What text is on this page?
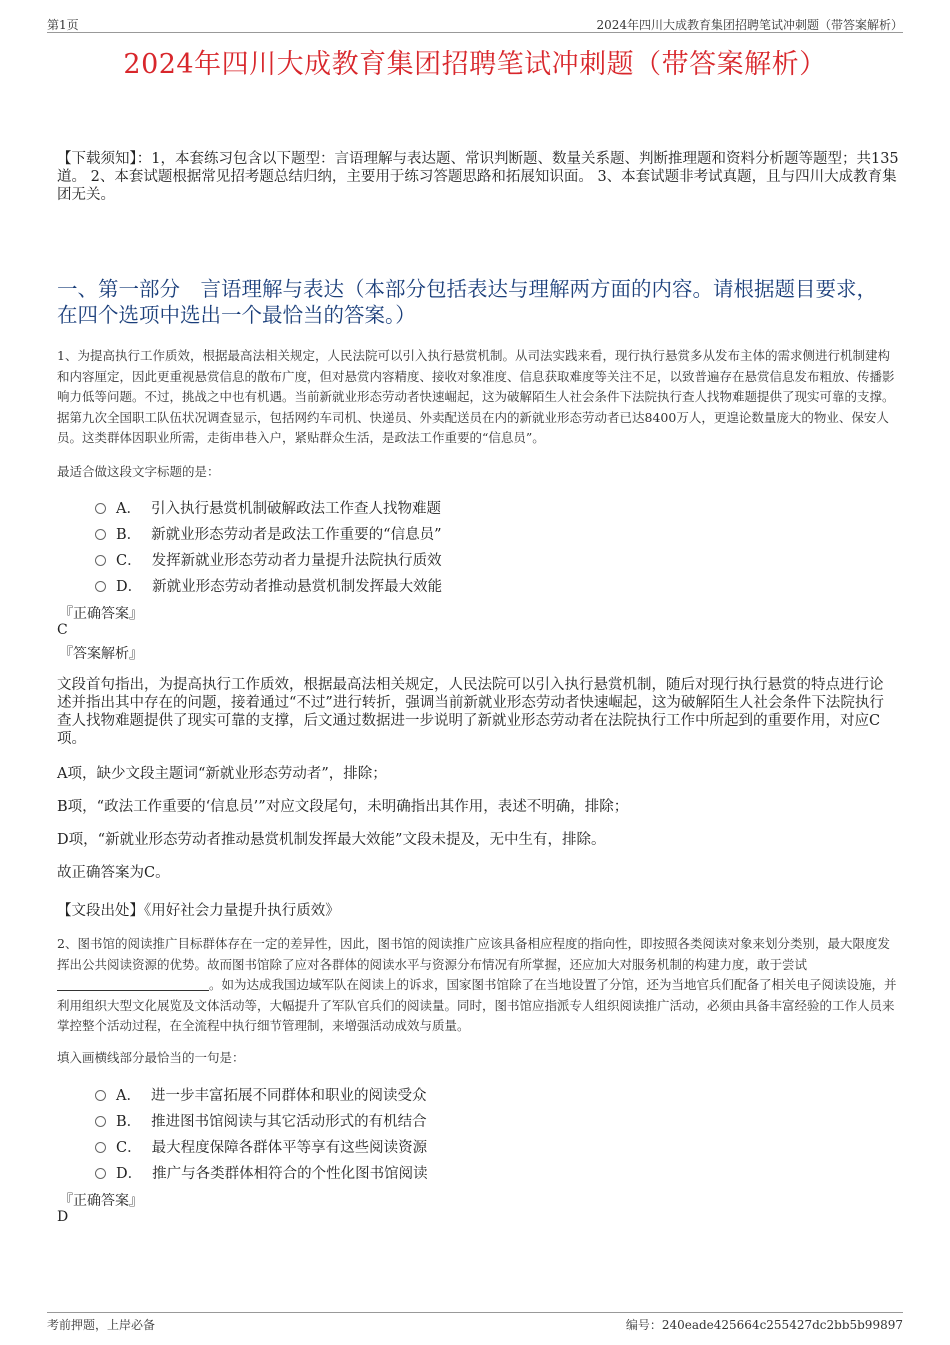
第1页	2024年四川大成教育集团招聘笔试冲刺题（带答案解析）
2024年四川大成教育集团招聘笔试冲刺题（带答案解析）
【下载须知】：1，本套练习包含以下题型：言语理解与表达题、常识判断题、数量关系题、判断推理题和资料分析题等题型；共135道。 2、本套试题根据常见招考题总结归纳，主要用于练习答题思路和拓展知识面。 3、本套试题非考试真题，且与四川大成教育集团无关。
一、第一部分　言语理解与表达（本部分包括表达与理解两方面的内容。请根据题目要求，在四个选项中选出一个最恰当的答案。）
1、为提高执行工作质效，根据最高法相关规定，人民法院可以引入执行悬赏机制。从司法实践来看，现行执行悬赏多从发布主体的需求侧进行机制建构和内容厘定，因此更重视悬赏信息的散布广度，但对悬赏内容精度、接收对象准度、信息获取难度等关注不足，以致普遍存在悬赏信息发布粗放、传播影响力低等问题。不过，挑战之中也有机遇。当前新就业形态劳动者快速崛起，这为破解陌生人社会条件下法院执行查人找物难题提供了现实可靠的支撑。据第九次全国职工队伍状况调查显示，包括网约车司机、快递员、外卖配送员在内的新就业形态劳动者已达8400万人，更遑论数量庞大的物业、保安人员。这类群体因职业所需，走街串巷入户，紧贴群众生活，是政法工作重要的“信息员”。
最适合做这段文字标题的是：
A． 引入执行悬赏机制破解政法工作查人找物难题
B． 新就业形态劳动者是政法工作重要的“信息员”
C． 发挥新就业形态劳动者力量提升法院执行质效
D． 新就业形态劳动者推动悬赏机制发挥最大效能
『正确答案』
C
『答案解析』
文段首句指出，为提高执行工作质效，根据最高法相关规定，人民法院可以引入执行悬赏机制，随后对现行执行悬赏的特点进行论述并指出其中存在的问题，接着通过“不过”进行转折，强调当前新就业形态劳动者快速崛起，这为破解陌生人社会条件下法院执行查人找物难题提供了现实可靠的支撑，后文通过数据进一步说明了新就业形态劳动者在法院执行工作中所起到的重要作用，对应C项。
A项，缺少文段主题词“新就业形态劳动者”，排除；
B项，“政法工作重要的‘信息员’”对应文段尾句，未明确指出其作用，表述不明确，排除；
D项，“新就业形态劳动者推动悬赏机制发挥最大效能”文段未提及，无中生有，排除。
故正确答案为C。
【文段出处】《用好社会力量提升执行质效》
2、图书馆的阅读推广目标群体存在一定的差异性，因此，图书馆的阅读推广应该具备相应程度的指向性，即按照各类阅读对象来划分类别，最大限度发挥出公共阅读资源的优势。故而图书馆除了应对各群体的阅读水平与资源分布情况有所掌握，还应加大对服务机制的构建力度，敢于尝试。如为达成我国边域军队在阅读上的诉求，国家图书馆除了在当地设置了分馆，还为当地官兵们配备了相关电子阅读设施，并利用组织大型文化展览及文体活动等，大幅提升了军队官兵们的阅读量。同时，图书馆应指派专人组织阅读推广活动，必须由具备丰富经验的工作人员来掌控整个活动过程，在全流程中执行细节管理制，来增强活动成效与质量。
填入画横线部分最恰当的一句是：
A． 进一步丰富拓展不同群体和职业的阅读受众
B． 推进图书馆阅读与其它活动形式的有机结合
C． 最大程度保障各群体平等享有这些阅读资源
D． 推广与各类群体相符合的个性化图书馆阅读
『正确答案』
D
考前押题，上岸必备	编号：240eade425664c255427dc2bb5b99897
